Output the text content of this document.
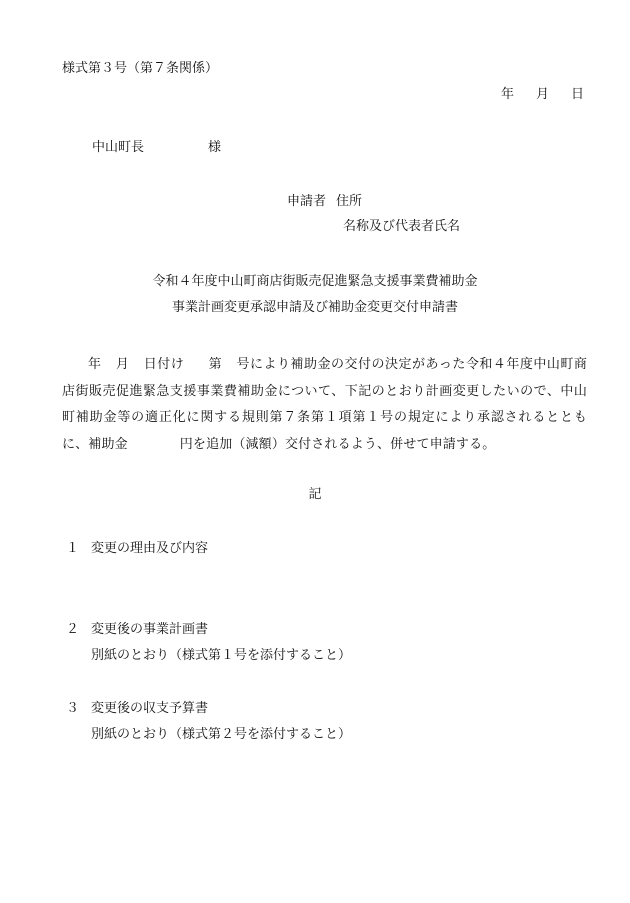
様式第３号（第７条関係）
年 月 日
中山町長	様
申請者 住所
名称及び代表者氏名
令和４年度中山町商店街販売促進緊急支援事業費補助金
事業計画変更承認申請及び補助金変更交付申請書
年 月 日付け 第 号により補助金の交付の決定があった令和４年度中山町商店街販売促進緊急支援事業費補助金について、下記のとおり計画変更したいので、中山町補助金等の適正化に関する規則第７条第１項第１号の規定により承認されるとともに、補助金	円を追加（減額）交付されるよう、併せて申請する。
記
１ 変更の理由及び内容
２ 変更後の事業計画書
別紙のとおり（様式第１号を添付すること）
３ 変更後の収支予算書
別紙のとおり（様式第２号を添付すること）
